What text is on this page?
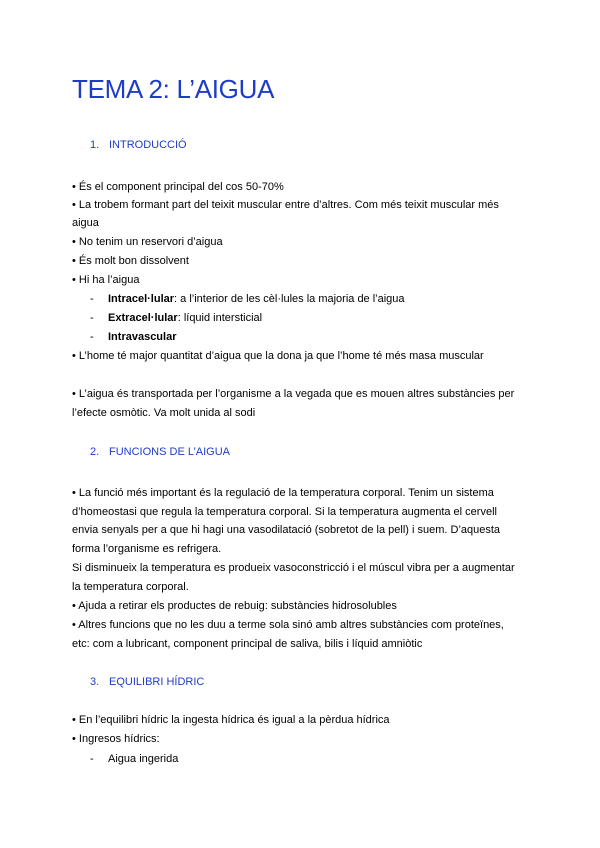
TEMA 2: L’AIGUA
1. INTRODUCCIÓ
• És el component principal del cos 50-70%
• La trobem formant part del teixit muscular entre d’altres. Com més teixit muscular més
aigua
• No tenim un reservori d’aigua
• És molt bon dissolvent
• Hi ha l’aigua
- Intracel·lular: a l’interior de les cèl·lules la majoria de l’aigua
- Extracel·lular: líquid intersticial
- Intravascular
• L’home té major quantitat d’aigua que la dona ja que l’home té més masa muscular
• L’aigua és transportada per l’organisme a la vegada que es mouen altres substàncies per
l’efecte osmòtic. Va molt unida al sodi
2. FUNCIONS DE L’AIGUA
• La funció més important és la regulació de la temperatura corporal. Tenim un sistema
d’homeostasi que regula la temperatura corporal. Si la temperatura augmenta el cervell
envia senyals per a que hi hagi una vasodilatació (sobretot de la pell) i suem. D’aquesta
forma l’organisme es refrigera.
Si disminueix la temperatura es produeix vasoconstricció i el múscul vibra per a augmentar
la temperatura corporal.
• Ajuda a retirar els productes de rebuig: substàncies hidrosolubles
• Altres funcions que no les duu a terme sola sinó amb altres substàncies com proteïnes,
etc: com a lubricant, component principal de saliva, bilis i líquid amniòtic
3. EQUILIBRI HÍDRIC
• En l’equilibri hídric la ingesta hídrica és igual a la pèrdua hídrica
• Ingresos hídrics:
- Aigua ingerida
